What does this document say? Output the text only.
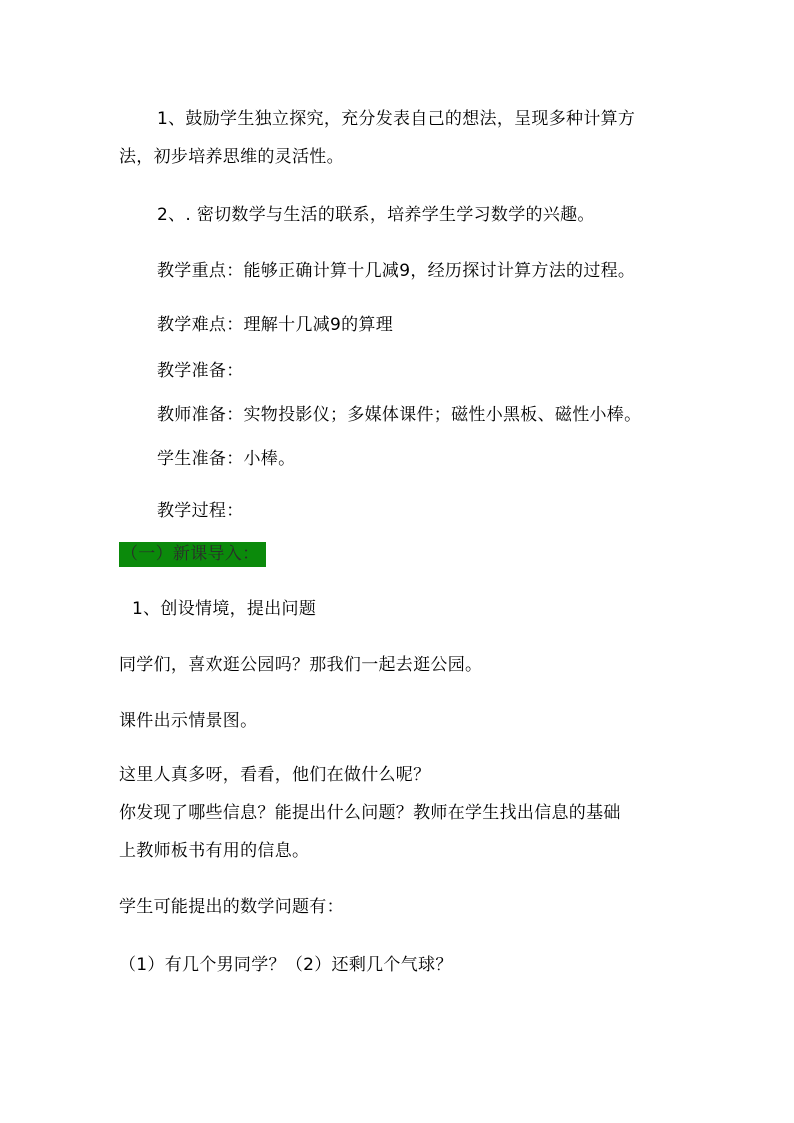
1、鼓励学生独立探究，充分发表自己的想法，呈现多种计算方
法，初步培养思维的灵活性。
2、. 密切数学与生活的联系，培养学生学习数学的兴趣。
教学重点：能够正确计算十几减9，经历探讨计算方法的过程。
教学难点：理解十几减9的算理
教学准备：
教师准备：实物投影仪；多媒体课件；磁性小黑板、磁性小棒。
学生准备：小棒。
教学过程：
（一）新课导入：
1、创设情境，提出问题
同学们，喜欢逛公园吗？那我们一起去逛公园。
课件出示情景图。
这里人真多呀，看看，他们在做什么呢？
你发现了哪些信息？能提出什么问题？教师在学生找出信息的基础
上教师板书有用的信息。
学生可能提出的数学问题有：
（1）有几个男同学？（2）还剩几个气球？
